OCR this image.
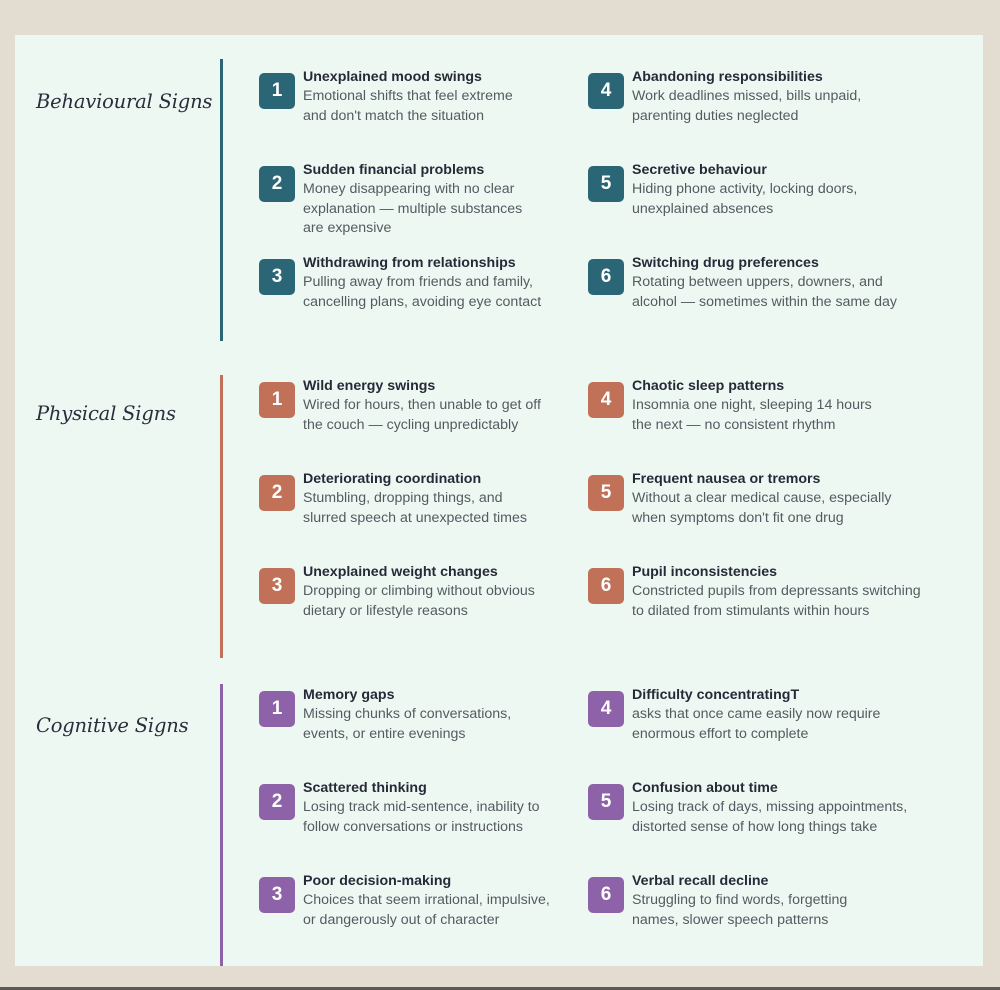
Behavioural Signs	1
Unexplained mood swings
Emotional shifts that feel extreme
and don't match the situation
2
Sudden financial problems
Money disappearing with no clear
explanation — multiple substances
are expensive
3
Withdrawing from relationships
Pulling away from friends and family,
cancelling plans, avoiding eye contact
4
Abandoning responsibilities
Work deadlines missed, bills unpaid,
parenting duties neglected
5
Secretive behaviour
Hiding phone activity, locking doors,
unexplained absences
6
Switching drug preferences
Rotating between uppers, downers, and
alcohol — sometimes within the same day
Physical Signs
1
Wild energy swings
Wired for hours, then unable to get off
the couch — cycling unpredictably
2
Deteriorating coordination
Stumbling, dropping things, and
slurred speech at unexpected times
3
Unexplained weight changes
Dropping or climbing without obvious
dietary or lifestyle reasons
4
Chaotic sleep patterns
Insomnia one night, sleeping 14 hours
the next — no consistent rhythm
5
Frequent nausea or tremors
Without a clear medical cause, especially
when symptoms don't fit one drug
6
Pupil inconsistencies
Constricted pupils from depressants switching
to dilated from stimulants within hours
Cognitive Signs
1
Memory gaps
Missing chunks of conversations,
events, or entire evenings
2
Scattered thinking
Losing track mid-sentence, inability to
follow conversations or instructions
3
Poor decision-making
Choices that seem irrational, impulsive,
or dangerously out of character
4
Difficulty concentratingT
asks that once came easily now require
enormous effort to complete
5
Confusion about time
Losing track of days, missing appointments,
distorted sense of how long things take
6
Verbal recall decline
Struggling to find words, forgetting
names, slower speech patterns
